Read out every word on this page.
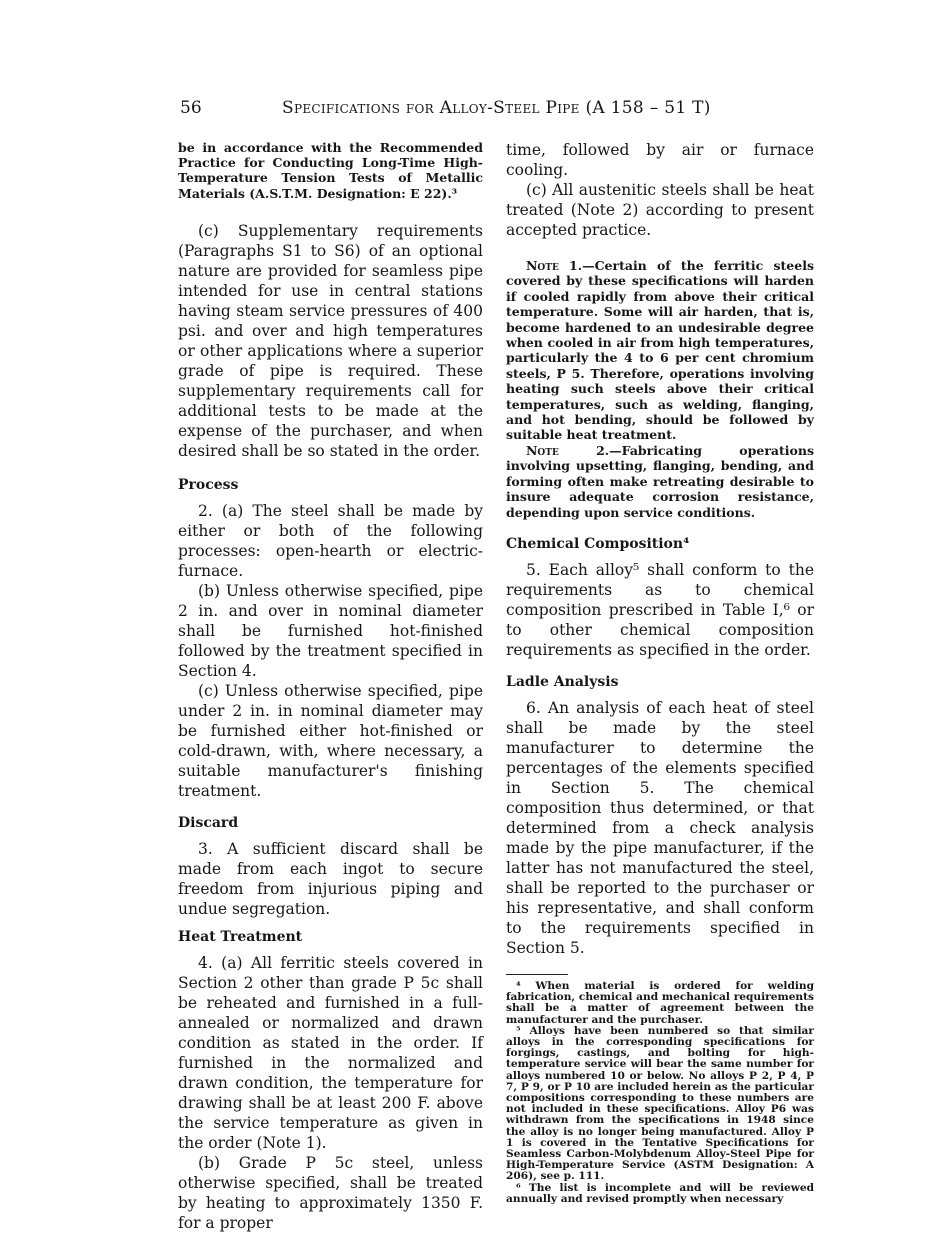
56	Specifications for Alloy-Steel Pipe (A 158 – 51 T)

be in accordance with the Recommended Practice for Conducting Long-Time High-Temperature Tension Tests of Metallic Materials (A.S.T.M. Designation: E 22).³

(c) Supplementary requirements (Paragraphs S1 to S6) of an optional nature are provided for seamless pipe intended for use in central stations having steam service pressures of 400 psi. and over and high temperatures or other applications where a superior grade of pipe is required. These supplementary requirements call for additional tests to be made at the expense of the purchaser, and when desired shall be so stated in the order.

Process

2. (a) The steel shall be made by either or both of the following processes: open-hearth or electric-furnace.

(b) Unless otherwise specified, pipe 2 in. and over in nominal diameter shall be furnished hot-finished followed by the treatment specified in Section 4.

(c) Unless otherwise specified, pipe under 2 in. in nominal diameter may be furnished either hot-finished or cold-drawn, with, where necessary, a suitable manufacturer's finishing treatment.

Discard

3. A sufficient discard shall be made from each ingot to secure freedom from injurious piping and undue segregation.

Heat Treatment

4. (a) All ferritic steels covered in Section 2 other than grade P 5c shall be reheated and furnished in a full-annealed or normalized and drawn condition as stated in the order. If furnished in the normalized and drawn condition, the temperature for drawing shall be at least 200 F. above the service temperature as given in the order (Note 1).

(b) Grade P 5c steel, unless otherwise specified, shall be treated by heating to approximately 1350 F. for a proper

time, followed by air or furnace cooling.

(c) All austenitic steels shall be heat treated (Note 2) according to present accepted practice.

Note 1.—Certain of the ferritic steels covered by these specifications will harden if cooled rapidly from above their critical temperature. Some will air harden, that is, become hardened to an undesirable degree when cooled in air from high temperatures, particularly the 4 to 6 per cent chromium steels, P 5. Therefore, operations involving heating such steels above their critical temperatures, such as welding, flanging, and hot bending, should be followed by suitable heat treatment.

Note 2.—Fabricating operations involving upsetting, flanging, bending, and forming often make retreating desirable to insure adequate corrosion resistance, depending upon service conditions.

Chemical Composition⁴

5. Each alloy⁵ shall conform to the requirements as to chemical composition prescribed in Table I,⁶ or to other chemical composition requirements as specified in the order.

Ladle Analysis

6. An analysis of each heat of steel shall be made by the steel manufacturer to determine the percentages of the elements specified in Section 5. The chemical composition thus determined, or that determined from a check analysis made by the pipe manufacturer, if the latter has not manufactured the steel, shall be reported to the purchaser or his representative, and shall conform to the requirements specified in Section 5.

⁴ When material is ordered for welding fabrication, chemical and mechanical requirements shall be a matter of agreement between the manufacturer and the purchaser.

⁵ Alloys have been numbered so that similar alloys in the corresponding specifications for forgings, castings, and bolting for high-temperature service will bear the same number for alloys numbered 10 or below. No alloys P 2, P 4, P 7, P 9, or P 10 are included herein as the particular compositions corresponding to these numbers are not included in these specifications. Alloy P6 was withdrawn from the specifications in 1948 since the alloy is no longer being manufactured. Alloy P 1 is covered in the Tentative Specifications for Seamless Carbon-Molybdenum Alloy-Steel Pipe for High-Temperature Service (ASTM Designation: A 206), see p. 111.

⁶ The list is incomplete and will be reviewed annually and revised promptly when necessary
